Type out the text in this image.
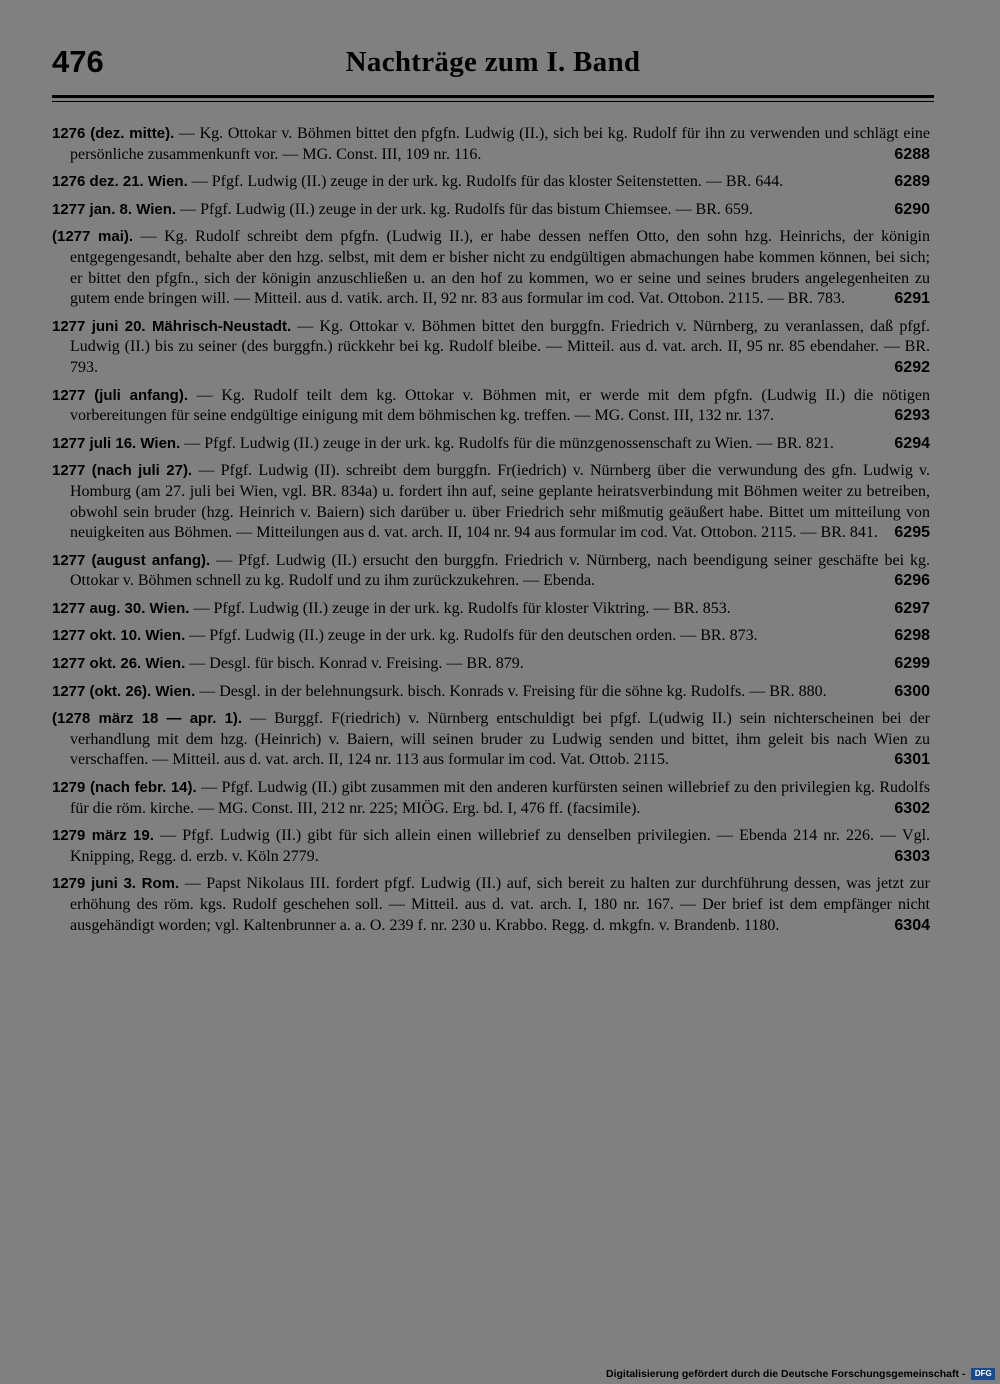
476	Nachträge zum I. Band
1276 (dez. mitte). — Kg. Ottokar v. Böhmen bittet den pfgfn. Ludwig (II.), sich bei kg. Rudolf für ihn zu verwenden und schlägt eine persönliche zusammenkunft vor. — MG. Const. III, 109 nr. 116.	6288
1276 dez. 21. Wien. — Pfgf. Ludwig (II.) zeuge in der urk. kg. Rudolfs für das kloster Seitenstetten. — BR. 644.	6289
1277 jan. 8. Wien. — Pfgf. Ludwig (II.) zeuge in der urk. kg. Rudolfs für das bistum Chiemsee. — BR. 659.	6290
(1277 mai). — Kg. Rudolf schreibt dem pfgfn. (Ludwig II.), er habe dessen neffen Otto, den sohn hzg. Heinrichs, der königin entgegengesandt, behalte aber den hzg. selbst, mit dem er bisher nicht zu endgültigen abmachungen habe kommen können, bei sich; er bittet den pfgfn., sich der königin anzuschließen u. an den hof zu kommen, wo er seine und seines bruders angelegenheiten zu gutem ende bringen will. — Mitteil. aus d. vatik. arch. II, 92 nr. 83 aus formular im cod. Vat. Ottobon. 2115. — BR. 783.	6291
1277 juni 20. Mährisch-Neustadt. — Kg. Ottokar v. Böhmen bittet den burggfn. Friedrich v. Nürnberg, zu veranlassen, daß pfgf. Ludwig (II.) bis zu seiner (des burggfn.) rückkehr bei kg. Rudolf bleibe. — Mitteil. aus d. vat. arch. II, 95 nr. 85 ebendaher. — BR. 793.	6292
1277 (juli anfang). — Kg. Rudolf teilt dem kg. Ottokar v. Böhmen mit, er werde mit dem pfgfn. (Ludwig II.) die nötigen vorbereitungen für seine endgültige einigung mit dem böhmischen kg. treffen. — MG. Const. III, 132 nr. 137.	6293
1277 juli 16. Wien. — Pfgf. Ludwig (II.) zeuge in der urk. kg. Rudolfs für die münzgenossenschaft zu Wien. — BR. 821.	6294
1277 (nach juli 27). — Pfgf. Ludwig (II). schreibt dem burggfn. Fr(iedrich) v. Nürnberg über die verwundung des gfn. Ludwig v. Homburg (am 27. juli bei Wien, vgl. BR. 834a) u. fordert ihn auf, seine geplante heiratsverbindung mit Böhmen weiter zu betreiben, obwohl sein bruder (hzg. Heinrich v. Baiern) sich darüber u. über Friedrich sehr mißmutig geäußert habe. Bittet um mitteilung von neuigkeiten aus Böhmen. — Mitteilungen aus d. vat. arch. II, 104 nr. 94 aus formular im cod. Vat. Ottobon. 2115. — BR. 841. 6295
1277 (august anfang). — Pfgf. Ludwig (II.) ersucht den burggfn. Friedrich v. Nürnberg, nach beendigung seiner geschäfte bei kg. Ottokar v. Böhmen schnell zu kg. Rudolf und zu ihm zurückzukehren. — Ebenda.	6296
1277 aug. 30. Wien. — Pfgf. Ludwig (II.) zeuge in der urk. kg. Rudolfs für kloster Viktring. — BR. 853.	6297
1277 okt. 10. Wien. — Pfgf. Ludwig (II.) zeuge in der urk. kg. Rudolfs für den deutschen orden. — BR. 873.	6298
1277 okt. 26. Wien. — Desgl. für bisch. Konrad v. Freising. — BR. 879.	6299
1277 (okt. 26). Wien. — Desgl. in der belehnungsurk. bisch. Konrads v. Freising für die söhne kg. Rudolfs. — BR. 880.	6300
(1278 märz 18 — apr. 1). — Burggf. F(riedrich) v. Nürnberg entschuldigt bei pfgf. L(udwig II.) sein nichterscheinen bei der verhandlung mit dem hzg. (Heinrich) v. Baiern, will seinen bruder zu Ludwig senden und bittet, ihm geleit bis nach Wien zu verschaffen. — Mitteil. aus d. vat. arch. II, 124 nr. 113 aus formular im cod. Vat. Ottob. 2115.	6301
1279 (nach febr. 14). — Pfgf. Ludwig (II.) gibt zusammen mit den anderen kurfürsten seinen willebrief zu den privilegien kg. Rudolfs für die röm. kirche. — MG. Const. III, 212 nr. 225; MIÖG. Erg. bd. I, 476 ff. (facsimile).	6302
1279 märz 19. — Pfgf. Ludwig (II.) gibt für sich allein einen willebrief zu denselben privilegien. — Ebenda 214 nr. 226. — Vgl. Knipping, Regg. d. erzb. v. Köln 2779.	6303
1279 juni 3. Rom. — Papst Nikolaus III. fordert pfgf. Ludwig (II.) auf, sich bereit zu halten zur durchführung dessen, was jetzt zur erhöhung des röm. kgs. Rudolf geschehen soll. — Mitteil. aus d. vat. arch. I, 180 nr. 167. — Der brief ist dem empfänger nicht ausgehändigt worden; vgl. Kaltenbrunner a. a. O. 239 f. nr. 230 u. Krabbo. Regg. d. mkgfn. v. Brandenb. 1180.	6304
Digitalisierung gefördert durch die Deutsche Forschungsgemeinschaft - DFG
